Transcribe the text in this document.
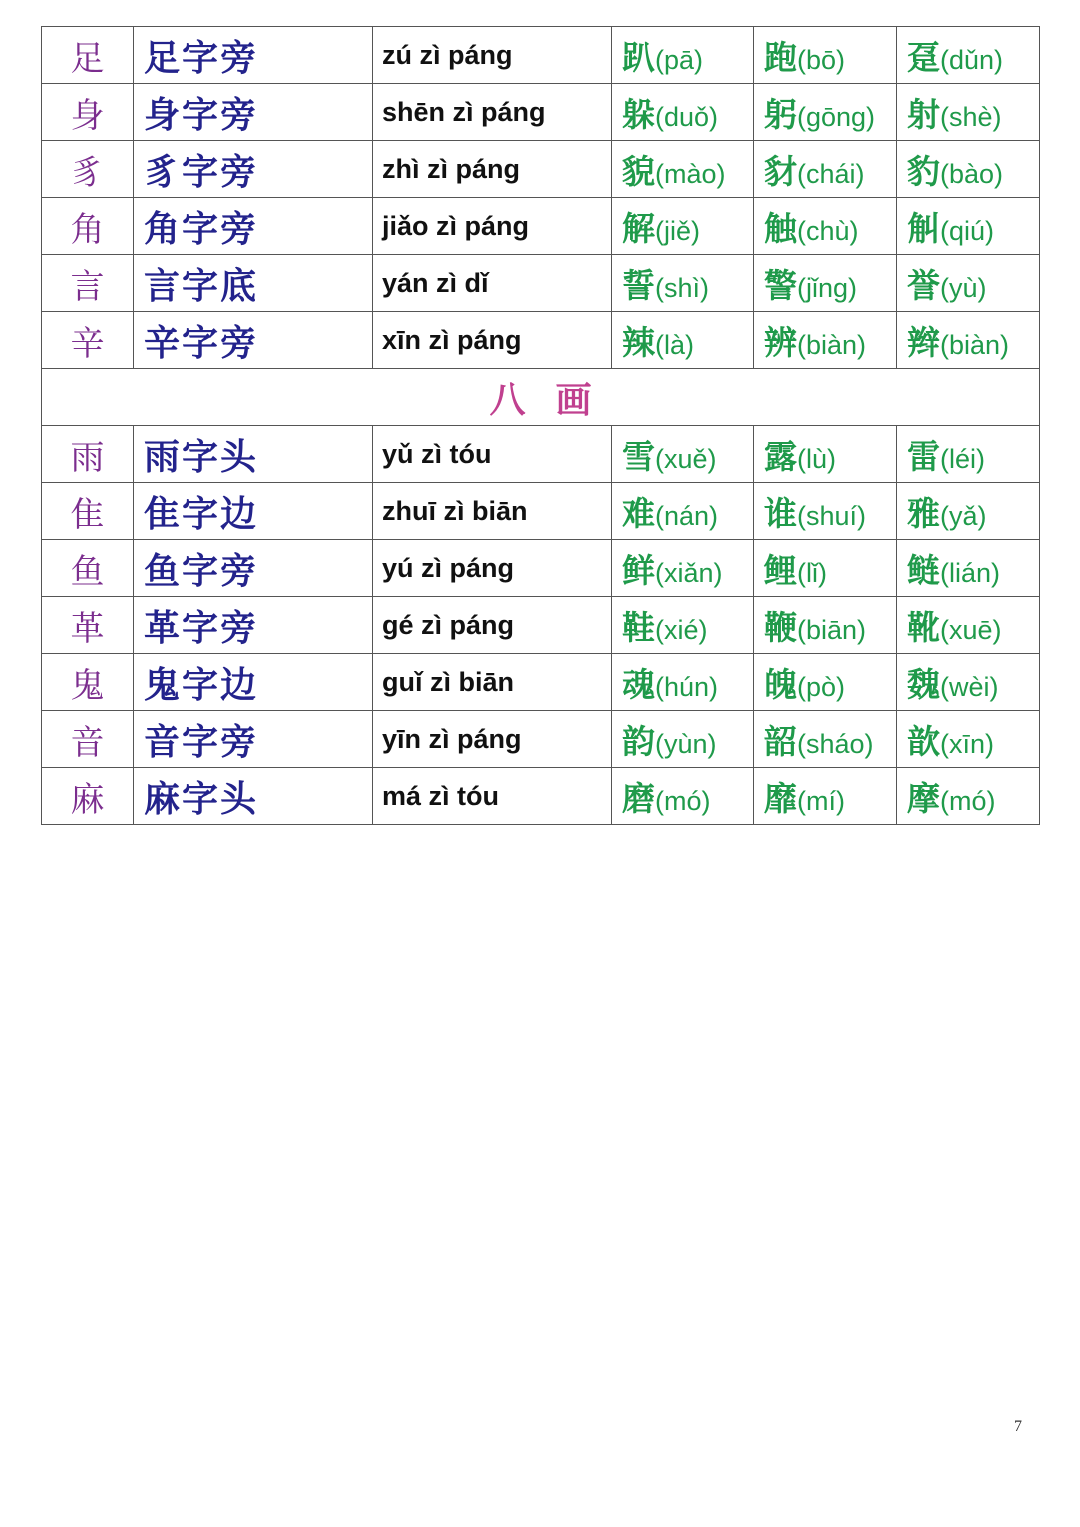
足	足字旁	zú zì páng	趴(pā)	跑(bō)	趸(dǔn)
身	身字旁	shēn zì páng	躲(duǒ)	躬(gōng)	射(shè)
豸	豸字旁	zhì zì páng	貌(mào)	豺(chái)	豹(bào)
角	角字旁	jiǎo zì páng	解(jiě)	触(chù)	觓(qiú)
言	言字底	yán zì dǐ	誓(shì)	警(jǐng)	誉(yù)
辛	辛字旁	xīn zì páng	辣(là)	辨(biàn)	辫(biàn)
八画					
雨	雨字头	yǔ zì tóu	雪(xuě)	露(lù)	雷(léi)
隹	隹字边	zhuī zì biān	难(nán)	谁(shuí)	雅(yǎ)
鱼	鱼字旁	yú zì páng	鲜(xiǎn)	鲤(lǐ)	鲢(lián)
革	革字旁	gé zì páng	鞋(xié)	鞭(biān)	靴(xuē)
鬼	鬼字边	guǐ zì biān	魂(hún)	魄(pò)	魏(wèi)
音	音字旁	yīn zì páng	韵(yùn)	韶(sháo)	歆(xīn)
麻	麻字头	má zì tóu	磨(mó)	靡(mí)	摩(mó)
7
